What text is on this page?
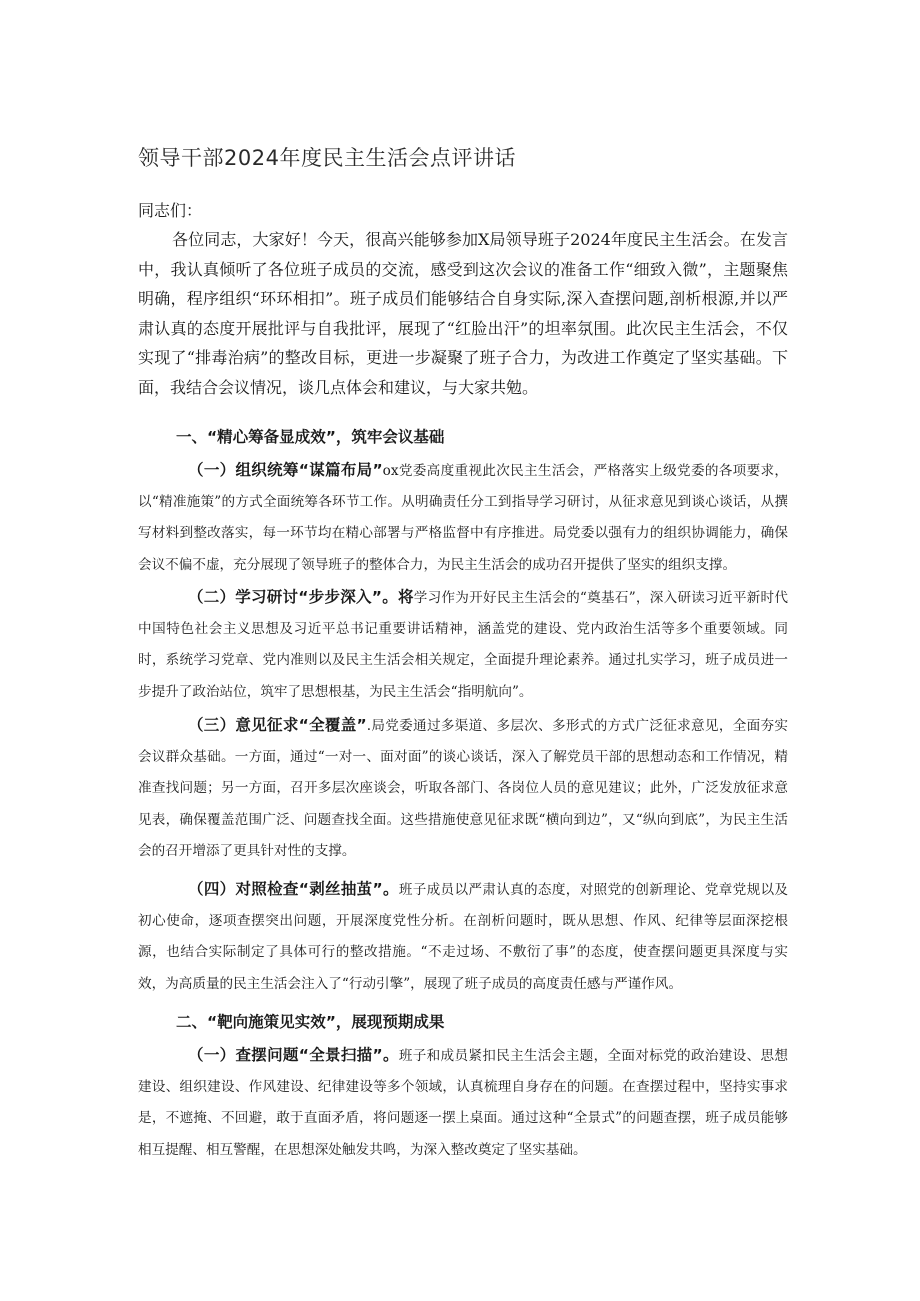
领导干部2024年度民主生活会点评讲话
同志们：

各位同志，大家好！今天，很高兴能够参加X局领导班子2024年度民主生活会。在发言中，我认真倾听了各位班子成员的交流，感受到这次会议的准备工作“细致入微”，主题聚焦明确，程序组织“环环相扣”。班子成员们能够结合自身实际,深入查摆问题,剖析根源,并以严肃认真的态度开展批评与自我批评，展现了“红脸出汗”的坦率氛围。此次民主生活会，不仅实现了“排毒治病”的整改目标，更进一步凝聚了班子合力，为改进工作奠定了坚实基础。下面，我结合会议情况，谈几点体会和建议，与大家共勉。

一、“精心筹备显成效”，筑牢会议基础

（一）组织统筹“谋篇布局”ox党委高度重视此次民主生活会，严格落实上级党委的各项要求，以“精准施策”的方式全面统筹各环节工作。从明确责任分工到指导学习研讨，从征求意见到谈心谈话，从撰写材料到整改落实，每一环节均在精心部署与严格监督中有序推进。局党委以强有力的组织协调能力，确保会议不偏不虚，充分展现了领导班子的整体合力，为民主生活会的成功召开提供了坚实的组织支撑。

（二）学习研讨“步步深入”。将学习作为开好民主生活会的“奠基石”，深入研读习近平新时代中国特色社会主义思想及习近平总书记重要讲话精神，涵盖党的建设、党内政治生活等多个重要领域。同时，系统学习党章、党内准则以及民主生活会相关规定，全面提升理论素养。通过扎实学习，班子成员进一步提升了政治站位，筑牢了思想根基，为民主生活会“指明航向”。

（三）意见征求“全覆盖”.局党委通过多渠道、多层次、多形式的方式广泛征求意见，全面夯实会议群众基础。一方面，通过“一对一、面对面”的谈心谈话，深入了解党员干部的思想动态和工作情况，精准查找问题；另一方面，召开多层次座谈会，听取各部门、各岗位人员的意见建议；此外，广泛发放征求意见表，确保覆盖范围广泛、问题查找全面。这些措施使意见征求既“横向到边”，又“纵向到底”，为民主生活会的召开增添了更具针对性的支撑。

（四）对照检查“剥丝抽茧”。班子成员以严肃认真的态度，对照党的创新理论、党章党规以及初心使命，逐项查摆突出问题，开展深度党性分析。在剖析问题时，既从思想、作风、纪律等层面深挖根源，也结合实际制定了具体可行的整改措施。“不走过场、不敷衍了事”的态度，使查摆问题更具深度与实效，为高质量的民主生活会注入了“行动引擎”，展现了班子成员的高度责任感与严谨作风。

二、“靶向施策见实效”，展现预期成果

（一）查摆问题“全景扫描”。班子和成员紧扣民主生活会主题，全面对标党的政治建设、思想建设、组织建设、作风建设、纪律建设等多个领域，认真梳理自身存在的问题。在查摆过程中，坚持实事求是，不遮掩、不回避，敢于直面矛盾，将问题逐一摆上桌面。通过这种“全景式”的问题查摆，班子成员能够相互提醒、相互警醒，在思想深处触发共鸣，为深入整改奠定了坚实基础。
